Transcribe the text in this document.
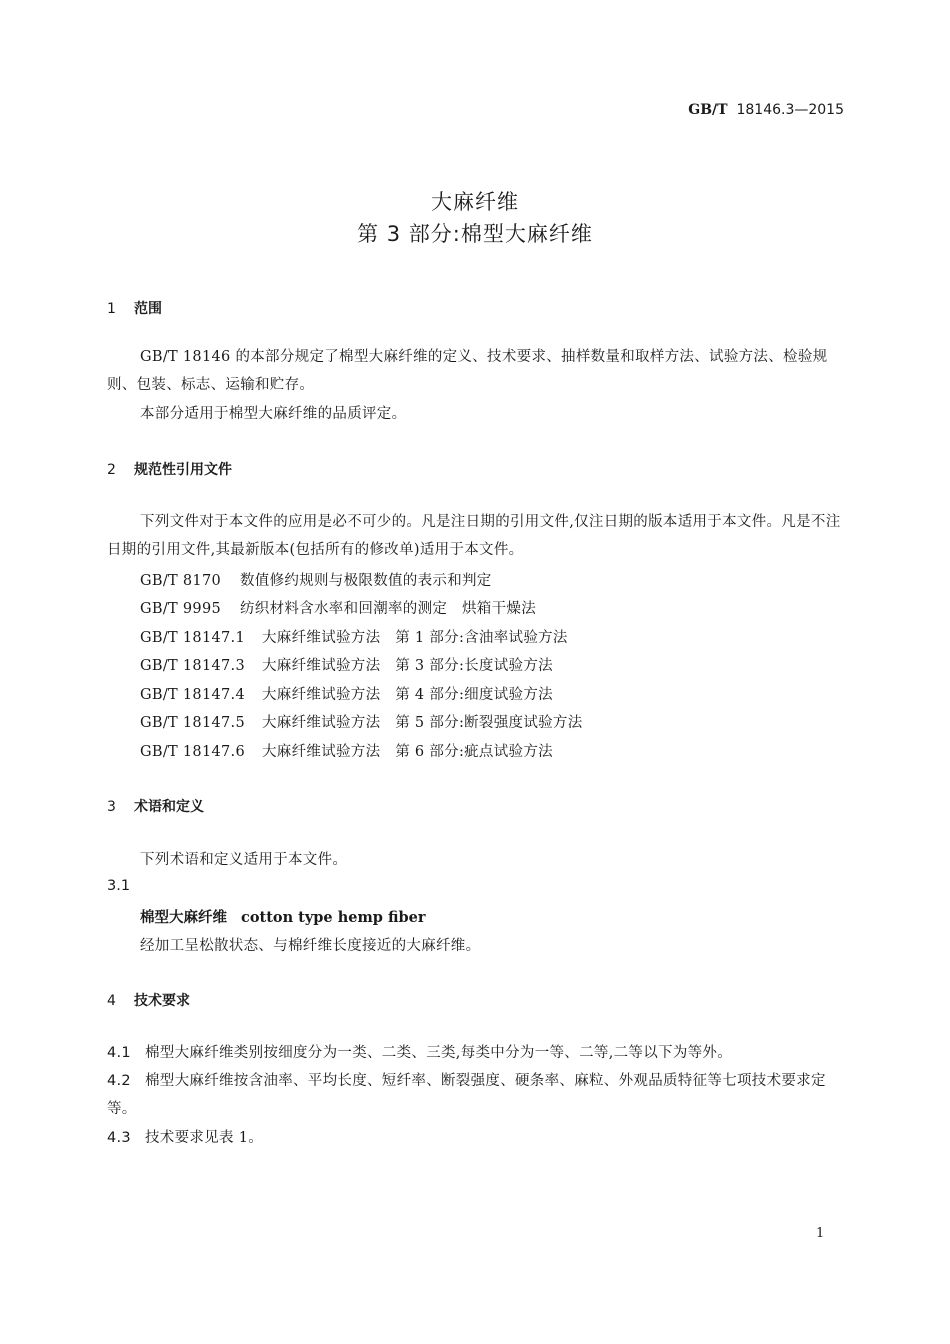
GB/T 18146.3—2015
大麻纤维
第 3 部分:棉型大麻纤维
1 范围

GB/T 18146 的本部分规定了棉型大麻纤维的定义、技术要求、抽样数量和取样方法、试验方法、检验规则、包装、标志、运输和贮存。

本部分适用于棉型大麻纤维的品质评定。

2 规范性引用文件

下列文件对于本文件的应用是必不可少的。凡是注日期的引用文件,仅注日期的版本适用于本文件。凡是不注日期的引用文件,其最新版本(包括所有的修改单)适用于本文件。

GB/T 8170 数值修约规则与极限数值的表示和判定
GB/T 9995 纺织材料含水率和回潮率的测定　烘箱干燥法
GB/T 18147.1 大麻纤维试验方法　第 1 部分:含油率试验方法
GB/T 18147.3 大麻纤维试验方法　第 3 部分:长度试验方法
GB/T 18147.4 大麻纤维试验方法　第 4 部分:细度试验方法
GB/T 18147.5 大麻纤维试验方法　第 5 部分:断裂强度试验方法
GB/T 18147.6 大麻纤维试验方法　第 6 部分:疵点试验方法
3 术语和定义
下列术语和定义适用于本文件。
3.1
棉型大麻纤维 cotton type hemp fiber
经加工呈松散状态、与棉纤维长度接近的大麻纤维。
4 技术要求

4.1 棉型大麻纤维类别按细度分为一类、二类、三类,每类中分为一等、二等,二等以下为等外。

4.2 棉型大麻纤维按含油率、平均长度、短纤率、断裂强度、硬条率、麻粒、外观品质特征等七项技术要求定等。

4.3 技术要求见表 1。

1
